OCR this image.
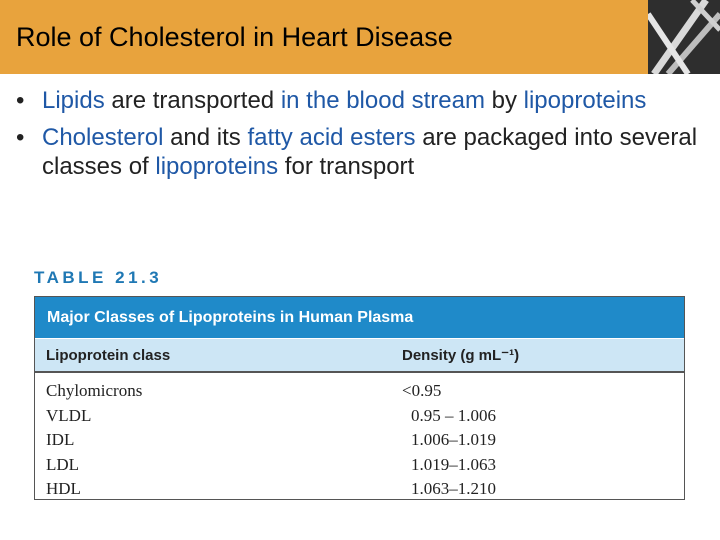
Role of Cholesterol in Heart Disease
• Lipids are transported in the blood stream by lipoproteins
• Cholesterol and its fatty acid esters are packaged into several classes of lipoproteins for transport
TABLE 21.3
Major Classes of Lipoproteins in Human Plasma
Lipoprotein class	Density (g mL⁻¹)
Chylomicrons	<0.95
VLDL	0.95 – 1.006
IDL	1.006–1.019
LDL	1.019–1.063
HDL	1.063–1.210
